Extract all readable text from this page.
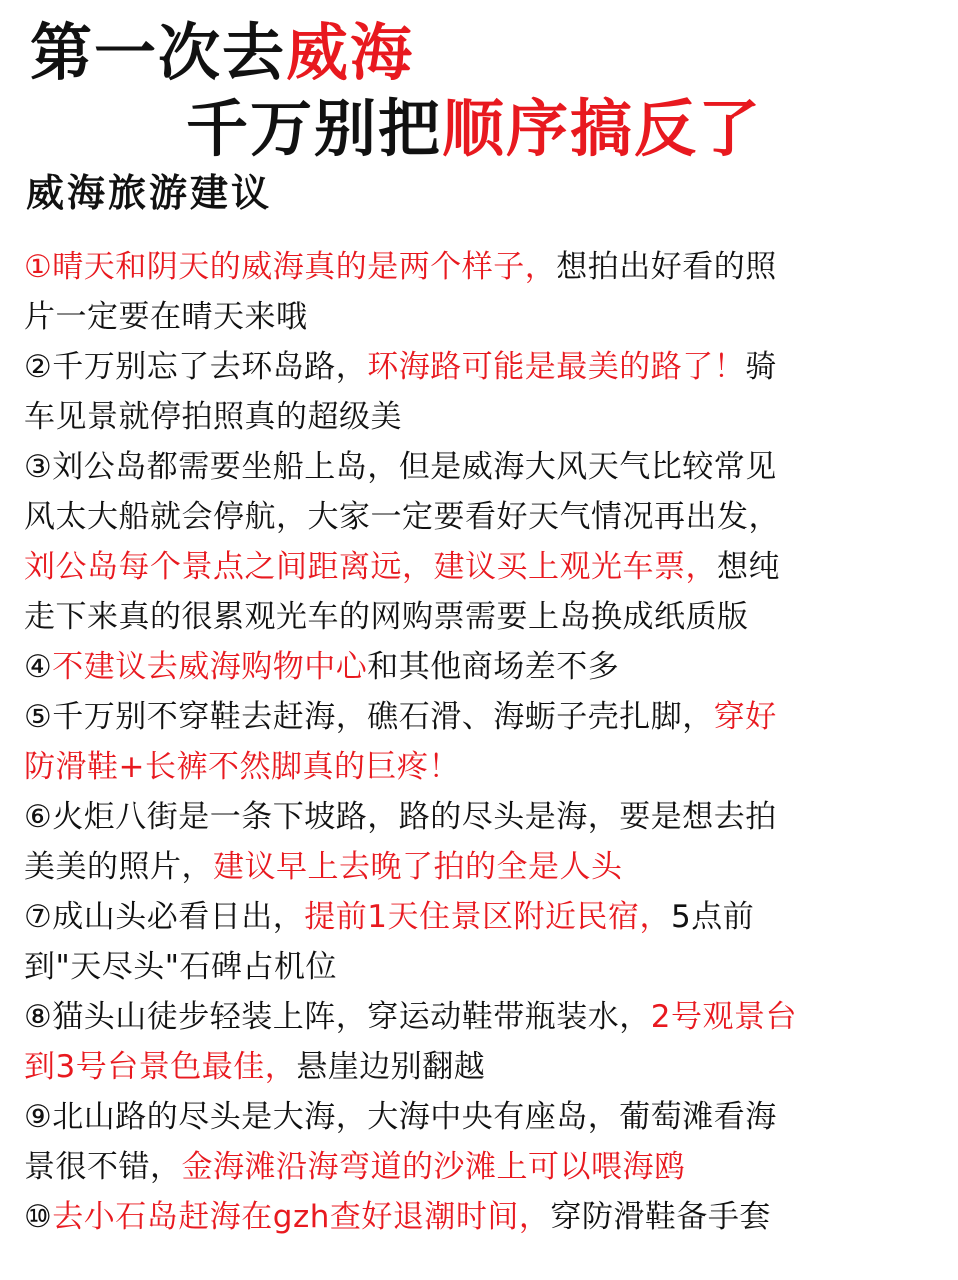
第一次去威海
千万别把顺序搞反了
威海旅游建议
①晴天和阴天的威海真的是两个样子，想拍出好看的照
片一定要在晴天来哦
②千万别忘了去环岛路，环海路可能是最美的路了！骑
车见景就停拍照真的超级美
③刘公岛都需要坐船上岛，但是威海大风天气比较常见
风太大船就会停航，大家一定要看好天气情况再出发，
刘公岛每个景点之间距离远，建议买上观光车票，想纯
走下来真的很累观光车的网购票需要上岛换成纸质版
④不建议去威海购物中心和其他商场差不多
⑤千万别不穿鞋去赶海，礁石滑、海蛎子壳扎脚，穿好
防滑鞋+长裤不然脚真的巨疼！
⑥火炬八街是一条下坡路，路的尽头是海，要是想去拍
美美的照片，建议早上去晚了拍的全是人头
⑦成山头必看日出，提前1天住景区附近民宿，5点前
到"天尽头"石碑占机位
⑧猫头山徒步轻装上阵，穿运动鞋带瓶装水，2号观景台
到3号台景色最佳，悬崖边别翻越
⑨北山路的尽头是大海，大海中央有座岛，葡萄滩看海
景很不错，金海滩沿海弯道的沙滩上可以喂海鸥
⑩去小石岛赶海在gzh查好退潮时间，穿防滑鞋备手套
